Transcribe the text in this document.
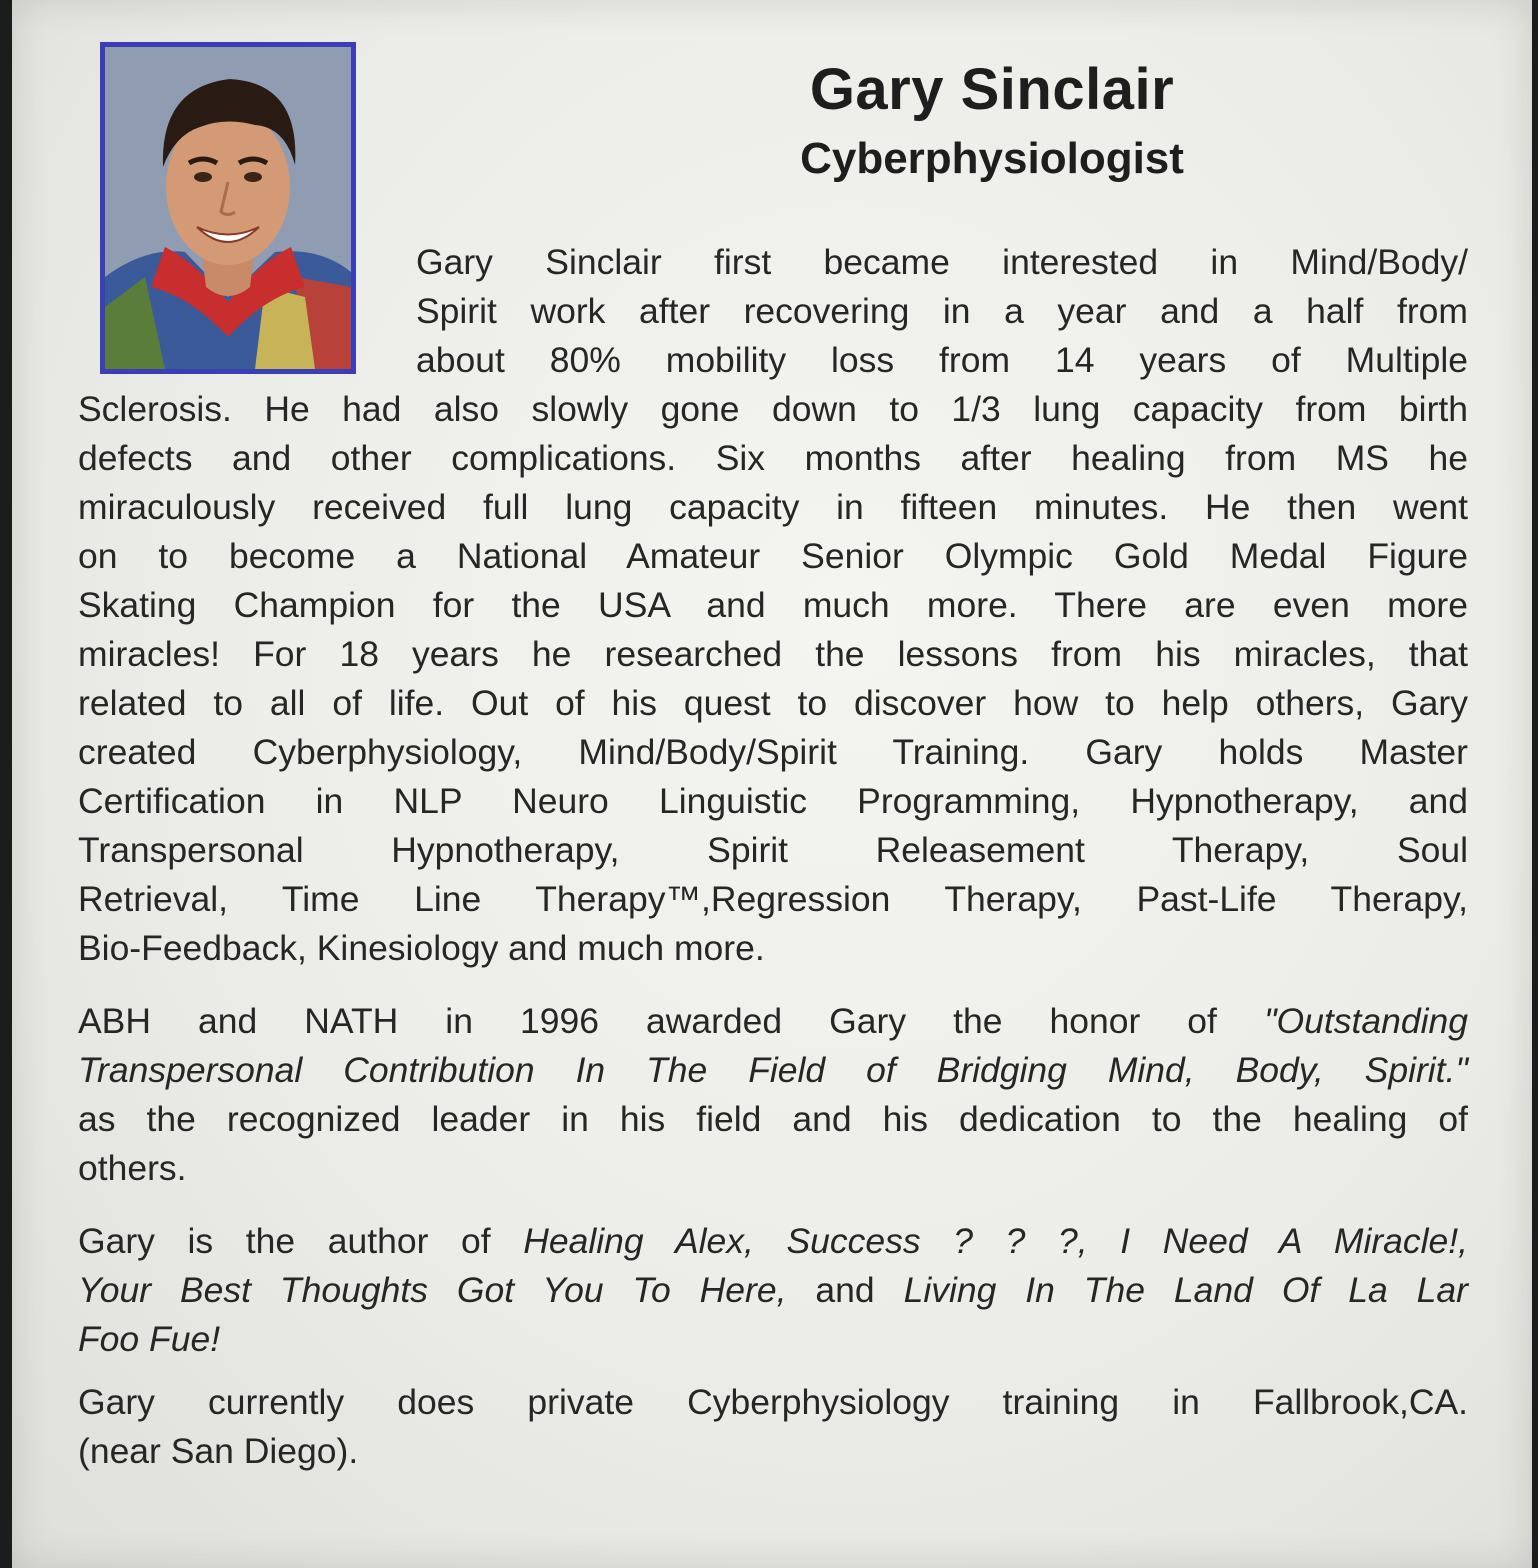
Gary Sinclair
Cyberphysiologist
Gary Sinclair first became interested in Mind/Body/
Spirit work after recovering in a year and a half from
about 80% mobility loss from 14 years of Multiple
Sclerosis. He had also slowly gone down to 1/3 lung capacity from birth
defects and other complications. Six months after healing from MS he
miraculously received full lung capacity in fifteen minutes. He then went
on to become a National Amateur Senior Olympic Gold Medal Figure
Skating Champion for the USA and much more. There are even more
miracles! For 18 years he researched the lessons from his miracles, that
related to all of life. Out of his quest to discover how to help others, Gary
created Cyberphysiology, Mind/Body/Spirit Training. Gary holds Master
Certification in NLP Neuro Linguistic Programming, Hypnotherapy, and
Transpersonal Hypnotherapy, Spirit Releasement Therapy, Soul
Retrieval, Time Line Therapy™,Regression Therapy, Past-Life Therapy,
Bio-Feedback, Kinesiology and much more.
ABH and NATH in 1996 awarded Gary the honor of "Outstanding
Transpersonal Contribution In The Field of Bridging Mind, Body, Spirit."
as the recognized leader in his field and his dedication to the healing of
others.
Gary is the author of Healing Alex, Success ? ? ?, I Need A Miracle!,
Your Best Thoughts Got You To Here, and Living In The Land Of La Lar
Foo Fue!
Gary currently does private Cyberphysiology training in Fallbrook,CA.
(near San Diego).
